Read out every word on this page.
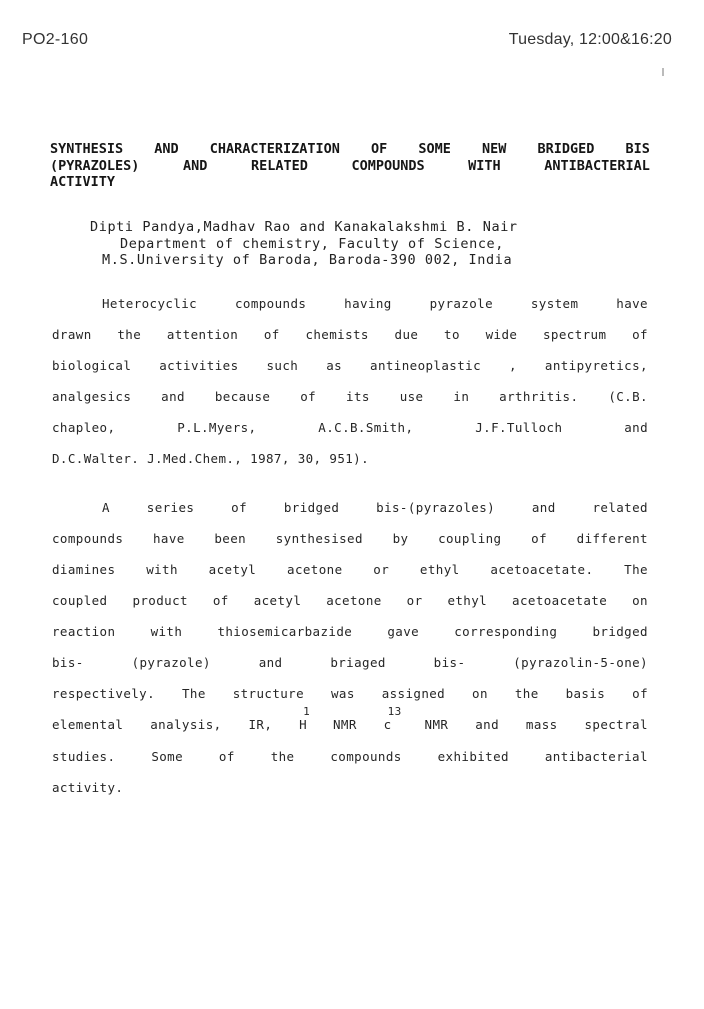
PO2-160	Tuesday, 12:00&16:20
SYNTHESIS AND CHARACTERIZATION OF SOME NEW BRIDGED BIS
(PYRAZOLES)	AND	RELATED	COMPOUNDS	WITH	ANTIBACTERIAL
ACTIVITY
Dipti Pandya,Madhav Rao and Kanakalakshmi B. Nair
Department of chemistry, Faculty of Science,
M.S.University of Baroda, Baroda-390 002, India
Heterocyclic	compounds	having	pyrazole	system	have
drawn the attention of chemists due to wide spectrum of
biological activities such as antineoplastic , antipyretics,
analgesics and because of its use in arthritis. (C.B.
chapleo,	P.L.Myers,	A.C.B.Smith,	J.F.Tulloch	and
D.C.Walter. J.Med.Chem., 1987, 30, 951).
A	series	of	bridged	bis-(pyrazoles)	and	related
compounds have been synthesised by coupling of different
diamines with acetyl acetone or ethyl acetoacetate. The
coupled product of acetyl acetone or ethyl acetoacetate on
reaction	with	thiosemicarbazide	gave	corresponding	bridged
bis-	(pyrazole)	and	briaged	bis-	(pyrazolin-5-one)
respectively. The structure was assigned on the basis of
elemental analysis, IR, H1
NMR c13
NMR and mass spectral
studies.	Some	of	the	compounds	exhibited	antibacterial
activity.
